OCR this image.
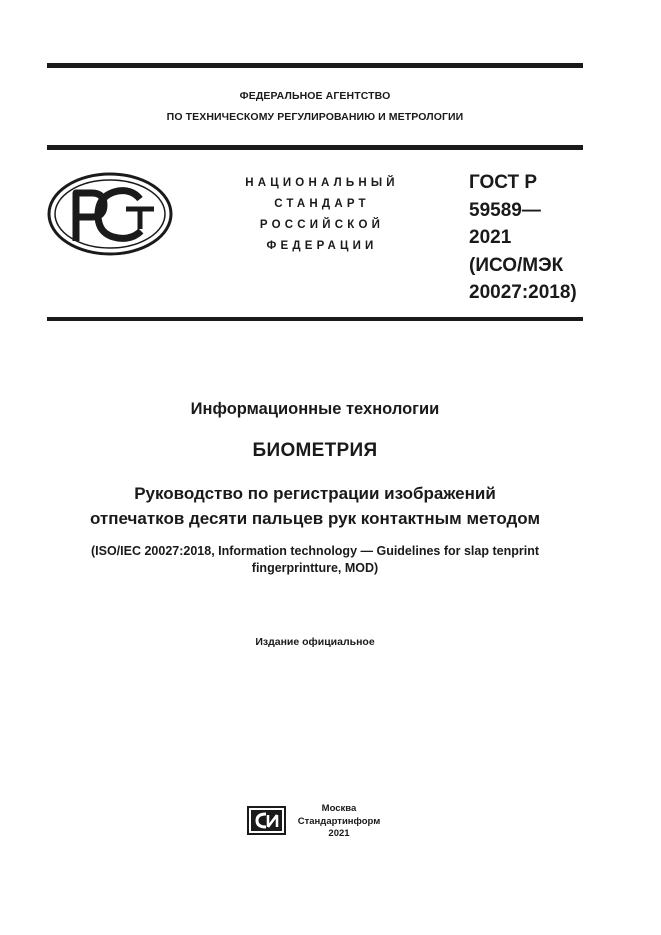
ФЕДЕРАЛЬНОЕ АГЕНТСТВО
ПО ТЕХНИЧЕСКОМУ РЕГУЛИРОВАНИЮ И МЕТРОЛОГИИ
НАЦИОНАЛЬНЫЙ
СТАНДАРТ
РОССИЙСКОЙ
ФЕДЕРАЦИИ
ГОСТ Р
59589—
2021
(ИСО/МЭК
20027:2018)
Информационные технологии
БИОМЕТРИЯ
Руководство по регистрации изображений
отпечатков десяти пальцев рук контактным методом
(ISO/IEC 20027:2018, Information technology — Guidelines for slap tenprint
fingerprintture, MOD)
Издание официальное
Москва
Стандартинформ
2021
